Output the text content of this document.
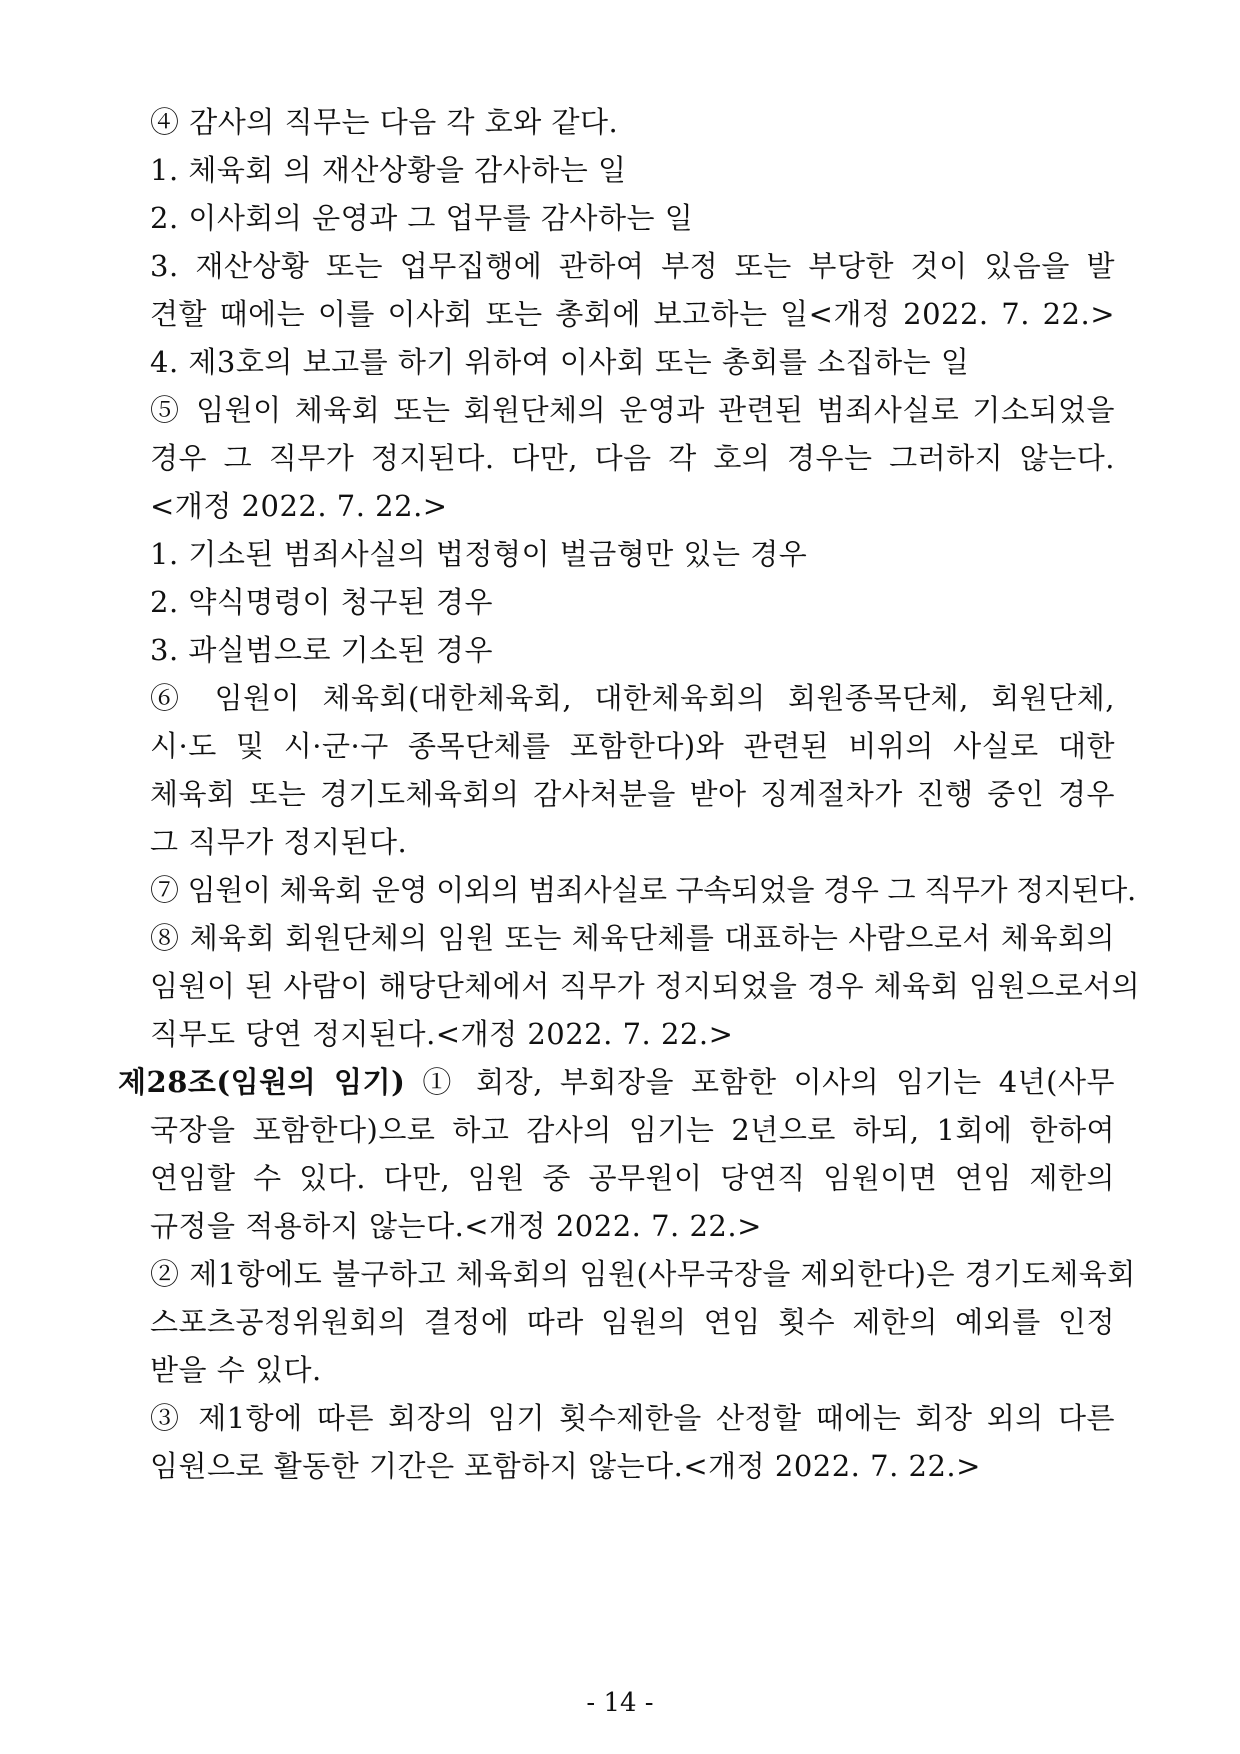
④ 감사의 직무는 다음 각 호와 같다.
1. 체육회 의 재산상황을 감사하는 일
2. 이사회의 운영과 그 업무를 감사하는 일
3. 재산상황 또는 업무집행에 관하여 부정 또는 부당한 것이 있음을 발
견할 때에는 이를 이사회 또는 총회에 보고하는 일<개정 2022. 7. 22.>
4. 제3호의 보고를 하기 위하여 이사회 또는 총회를 소집하는 일
⑤ 임원이 체육회 또는 회원단체의 운영과 관련된 범죄사실로 기소되었을
경우 그 직무가 정지된다. 다만, 다음 각 호의 경우는 그러하지 않는다.
<개정 2022. 7. 22.>
1. 기소된 범죄사실의 법정형이 벌금형만 있는 경우
2. 약식명령이 청구된 경우
3. 과실범으로 기소된 경우
⑥ 임원이 체육회(대한체육회, 대한체육회의 회원종목단체, 회원단체,
시·도 및 시·군·구 종목단체를 포함한다)와 관련된 비위의 사실로 대한
체육회 또는 경기도체육회의 감사처분을 받아 징계절차가 진행 중인 경우
그 직무가 정지된다.
⑦ 임원이 체육회 운영 이외의 범죄사실로 구속되었을 경우 그 직무가 정지된다.
⑧ 체육회 회원단체의 임원 또는 체육단체를 대표하는 사람으로서 체육회의
임원이 된 사람이 해당단체에서 직무가 정지되었을 경우 체육회 임원으로서의
직무도 당연 정지된다.<개정 2022. 7. 22.>
제28조(임원의 임기) ① 회장, 부회장을 포함한 이사의 임기는 4년(사무
국장을 포함한다)으로 하고 감사의 임기는 2년으로 하되, 1회에 한하여
연임할 수 있다. 다만, 임원 중 공무원이 당연직 임원이면 연임 제한의
규정을 적용하지 않는다.<개정 2022. 7. 22.>
② 제1항에도 불구하고 체육회의 임원(사무국장을 제외한다)은 경기도체육회
스포츠공정위원회의 결정에 따라 임원의 연임 횟수 제한의 예외를 인정
받을 수 있다.
③ 제1항에 따른 회장의 임기 횟수제한을 산정할 때에는 회장 외의 다른
임원으로 활동한 기간은 포함하지 않는다.<개정 2022. 7. 22.>
- 14 -
